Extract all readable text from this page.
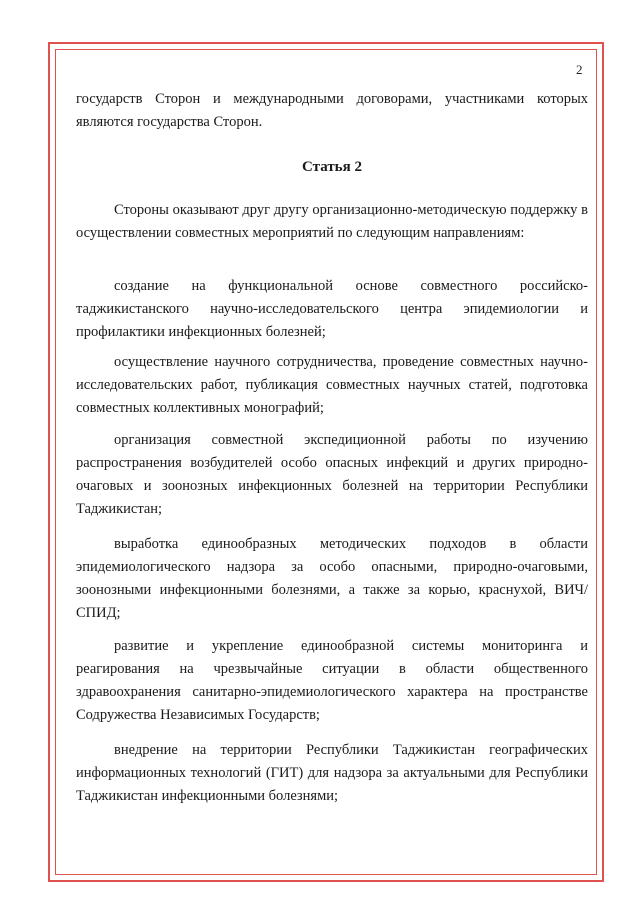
2
государств Сторон и международными договорами, участниками которых являются государства Сторон.
Статья 2
Стороны оказывают друг другу организационно-методическую поддержку в осуществлении совместных мероприятий по следующим направлениям:
создание на функциональной основе совместного российско-таджикистанского научно-исследовательского центра эпидемиологии и профилактики инфекционных болезней;
осуществление научного сотрудничества, проведение совместных научно-исследовательских работ, публикация совместных научных статей, подготовка совместных коллективных монографий;
организация совместной экспедиционной работы по изучению распространения возбудителей особо опасных инфекций и других природно-очаговых и зоонозных инфекционных болезней на территории Республики Таджикистан;
выработка единообразных методических подходов в области эпидемиологического надзора за особо опасными, природно-очаговыми, зоонозными инфекционными болезнями, а также за корью, краснухой, ВИЧ/СПИД;
развитие и укрепление единообразной системы мониторинга и реагирования на чрезвычайные ситуации в области общественного здравоохранения санитарно-эпидемиологического характера на пространстве Содружества Независимых Государств;
внедрение на территории Республики Таджикистан географических информационных технологий (ГИТ) для надзора за актуальными для Республики Таджикистан инфекционными болезнями;
